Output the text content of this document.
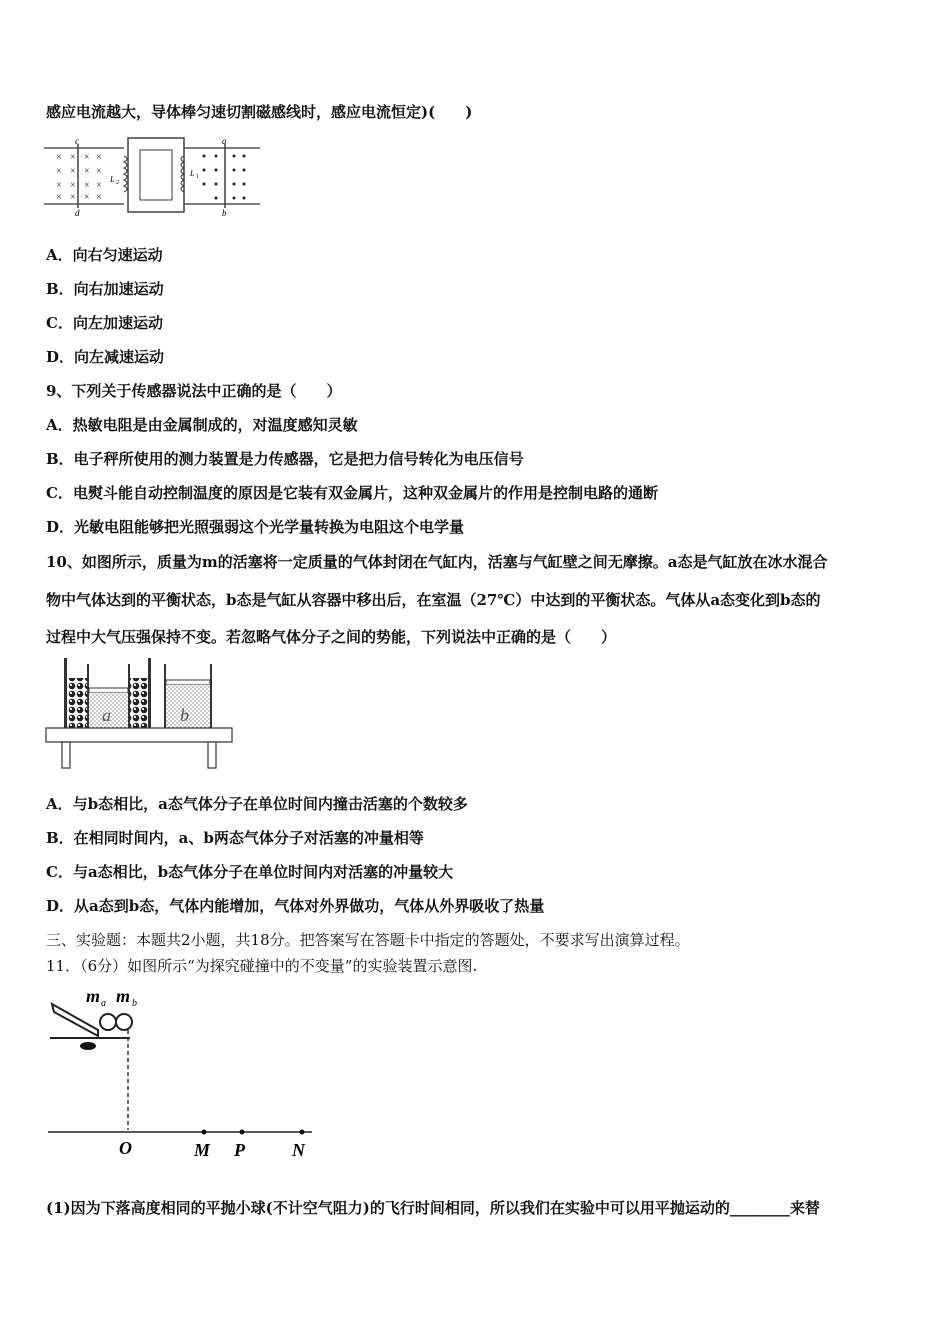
感应电流越大，导体棒匀速切割磁感线时，感应电流恒定)(　　)
× × × ×
× × × ×
× × × ×
× × × ×
c
d
L 2
L 1
a
b
A．向右匀速运动
B．向右加速运动
C．向左加速运动
D．向左减速运动
9、下列关于传感器说法中正确的是（　　）
A．热敏电阻是由金属制成的，对温度感知灵敏
B．电子秤所使用的测力装置是力传感器，它是把力信号转化为电压信号
C．电熨斗能自动控制温度的原因是它装有双金属片，这种双金属片的作用是控制电路的通断
D．光敏电阻能够把光照强弱这个光学量转换为电阻这个电学量
10、如图所示，质量为m的活塞将一定质量的气体封闭在气缸内，活塞与气缸壁之间无摩擦。a态是气缸放在冰水混合
物中气体达到的平衡状态，b态是气缸从容器中移出后，在室温（27℃）中达到的平衡状态。气体从a态变化到b态的
过程中大气压强保持不变。若忽略气体分子之间的势能，下列说法中正确的是（　　）
a	b
A．与b态相比，a态气体分子在单位时间内撞击活塞的个数较多
B．在相同时间内，a、b两态气体分子对活塞的冲量相等
C．与a态相比，b态气体分子在单位时间内对活塞的冲量较大
D．从a态到b态，气体内能增加，气体对外界做功，气体从外界吸收了热量
三、实验题：本题共2小题，共18分。把答案写在答题卡中指定的答题处，不要求写出演算过程。
11．（6分）如图所示“为探究碰撞中的不变量”的实验装置示意图.
m a m b
O	M P	N
(1)因为下落高度相同的平抛小球(不计空气阻力)的飞行时间相同，所以我们在实验中可以用平抛运动的________来替
